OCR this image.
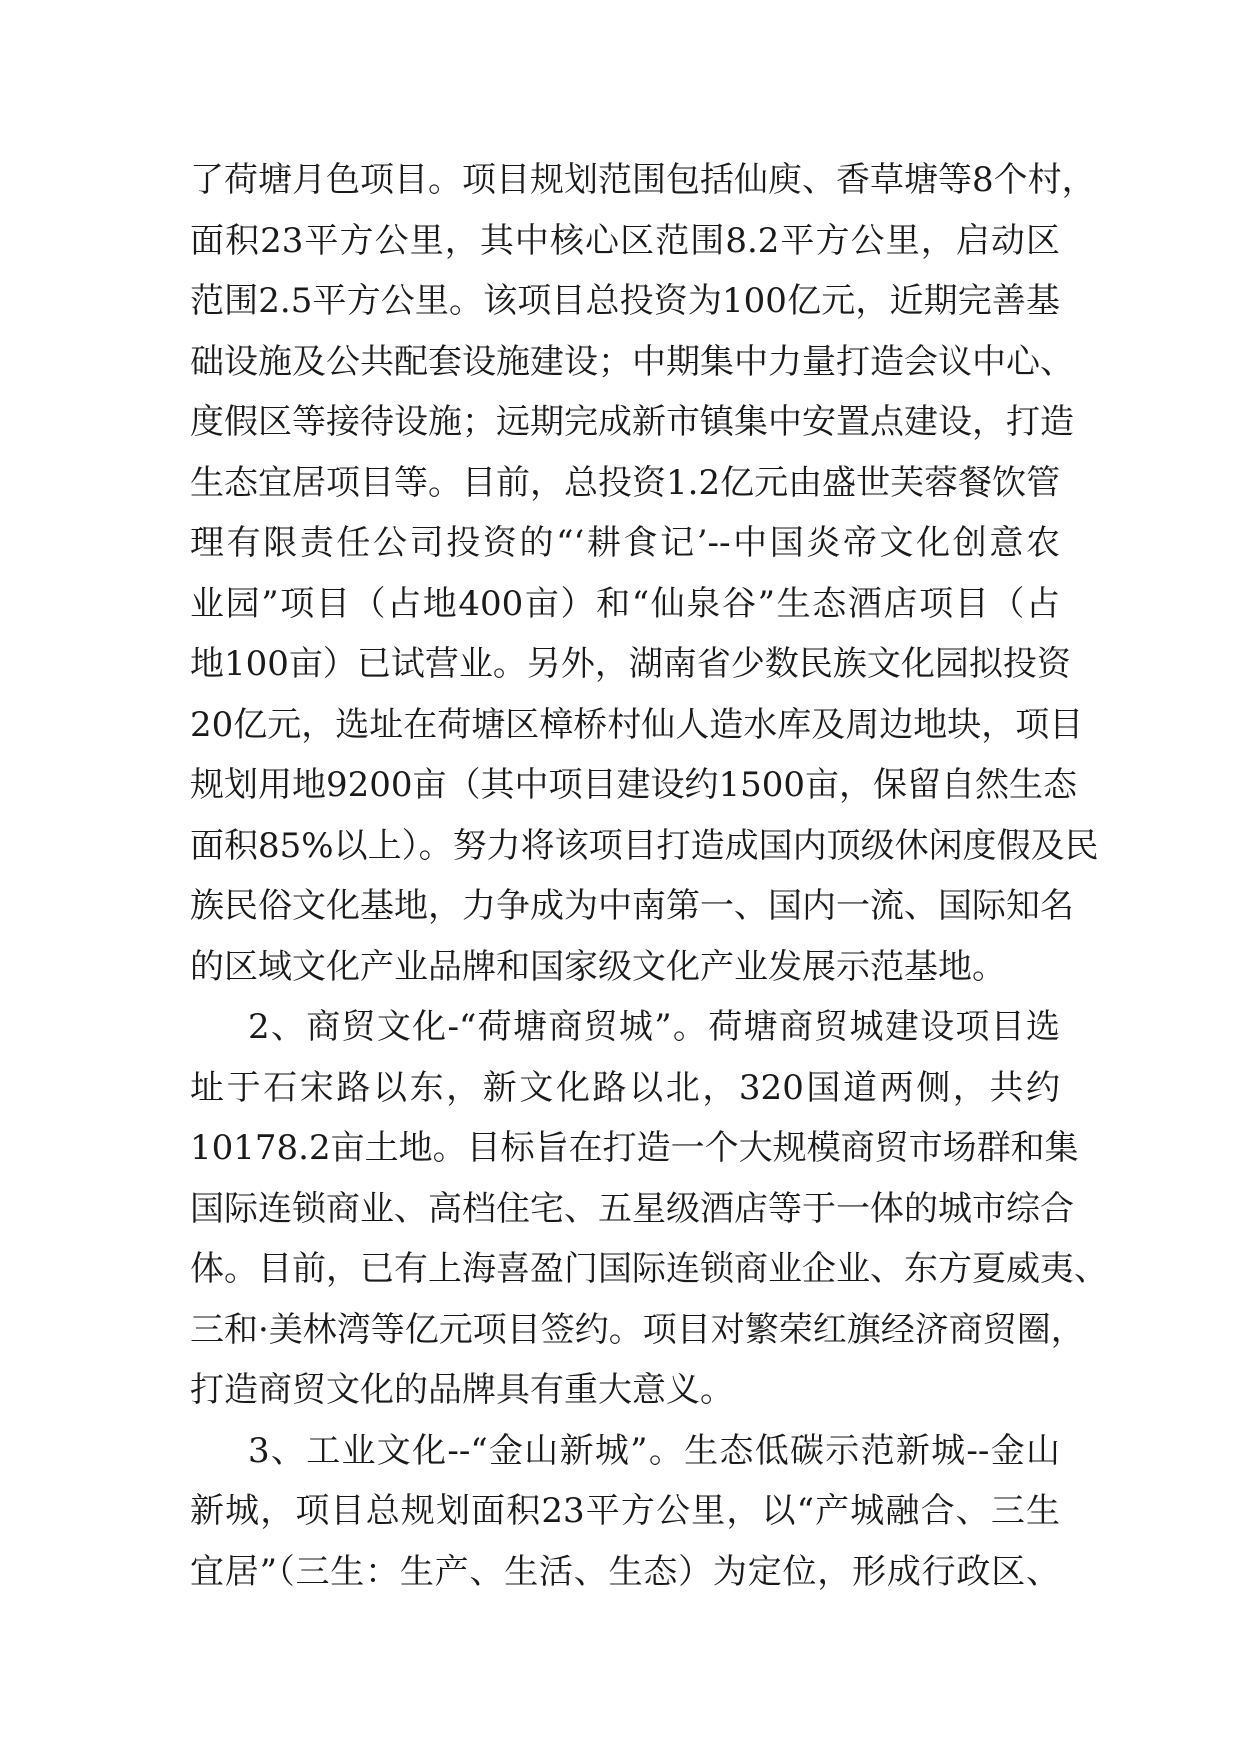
了荷塘月色项目。项目规划范围包括仙庾、香草塘等8个村，
面积23平方公里，其中核心区范围8.2平方公里，启动区
范围2.5平方公里。该项目总投资为100亿元，近期完善基
础设施及公共配套设施建设；中期集中力量打造会议中心、
度假区等接待设施；远期完成新市镇集中安置点建设，打造
生态宜居项目等。目前，总投资1.2亿元由盛世芙蓉餐饮管
理有限责任公司投资的“‘耕食记’--中国炎帝文化创意农
业园”项目（占地400亩）和“仙泉谷”生态酒店项目（占
地100亩）已试营业。另外，湖南省少数民族文化园拟投资
20亿元，选址在荷塘区樟桥村仙人造水库及周边地块，项目
规划用地9200亩（其中项目建设约1500亩，保留自然生态
面积85%以上）。努力将该项目打造成国内顶级休闲度假及民
族民俗文化基地，力争成为中南第一、国内一流、国际知名
的区域文化产业品牌和国家级文化产业发展示范基地。
2、商贸文化-“荷塘商贸城”。荷塘商贸城建设项目选
址于石宋路以东，新文化路以北，320国道两侧，共约
10178.2亩土地。目标旨在打造一个大规模商贸市场群和集
国际连锁商业、高档住宅、五星级酒店等于一体的城市综合
体。目前，已有上海喜盈门国际连锁商业企业、东方夏威夷、
三和·美林湾等亿元项目签约。项目对繁荣红旗经济商贸圈，
打造商贸文化的品牌具有重大意义。
3、工业文化--“金山新城”。生态低碳示范新城--金山
新城，项目总规划面积23平方公里，以“产城融合、三生
宜居”（三生：生产、生活、生态）为定位，形成行政区、
